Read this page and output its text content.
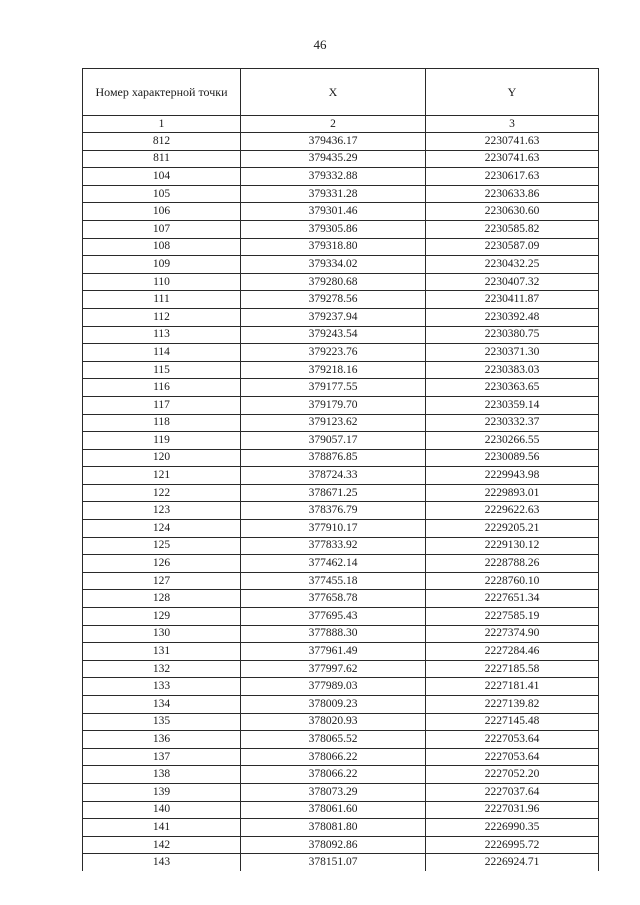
46
Номер характерной точки	X	Y
1	2	3
812	379436.17	2230741.63
811	379435.29	2230741.63
104	379332.88	2230617.63
105	379331.28	2230633.86
106	379301.46	2230630.60
107	379305.86	2230585.82
108	379318.80	2230587.09
109	379334.02	2230432.25
110	379280.68	2230407.32
111	379278.56	2230411.87
112	379237.94	2230392.48
113	379243.54	2230380.75
114	379223.76	2230371.30
115	379218.16	2230383.03
116	379177.55	2230363.65
117	379179.70	2230359.14
118	379123.62	2230332.37
119	379057.17	2230266.55
120	378876.85	2230089.56
121	378724.33	2229943.98
122	378671.25	2229893.01
123	378376.79	2229622.63
124	377910.17	2229205.21
125	377833.92	2229130.12
126	377462.14	2228788.26
127	377455.18	2228760.10
128	377658.78	2227651.34
129	377695.43	2227585.19
130	377888.30	2227374.90
131	377961.49	2227284.46
132	377997.62	2227185.58
133	377989.03	2227181.41
134	378009.23	2227139.82
135	378020.93	2227145.48
136	378065.52	2227053.64
137	378066.22	2227053.64
138	378066.22	2227052.20
139	378073.29	2227037.64
140	378061.60	2227031.96
141	378081.80	2226990.35
142	378092.86	2226995.72
143	378151.07	2226924.71
